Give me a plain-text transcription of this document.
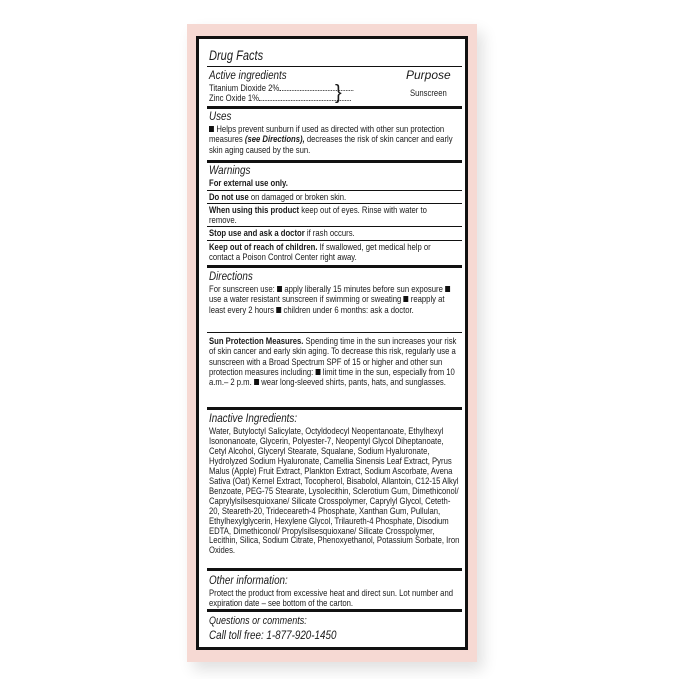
Drug Facts
Active ingredients	Purpose
Titanium Dioxide 2%
Zinc Oxide 1%	}	Sunscreen
Uses
Helps prevent sunburn if used as directed with other sun protection measures (see Directions), decreases the risk of skin cancer and early skin aging caused by the sun.
Warnings
For external use only.
Do not use on damaged or broken skin.
When using this product keep out of eyes. Rinse with water to remove.
Stop use and ask a doctor if rash occurs.
Keep out of reach of children. If swallowed, get medical help or contact a Poison Control Center right away.
Directions
For sunscreen use: apply liberally 15 minutes before sun exposure use a water resistant sunscreen if swimming or sweating reapply at least every 2 hours children under 6 months: ask a doctor.
Sun Protection Measures. Spending time in the sun increases your risk of skin cancer and early skin aging. To decrease this risk, regularly use a sunscreen with a Broad Spectrum SPF of 15 or higher and other sun protection measures including: limit time in the sun, especially from 10 a.m.– 2 p.m. wear long-sleeved shirts, pants, hats, and sunglasses.
Inactive Ingredients:
Water, Butyloctyl Salicylate, Octyldodecyl Neopentanoate, Ethylhexyl Isononanoate, Glycerin, Polyester-7, Neopentyl Glycol Diheptanoate, Cetyl Alcohol, Glyceryl Stearate, Squalane, Sodium Hyaluronate, Hydrolyzed Sodium Hyaluronate, Camellia Sinensis Leaf Extract, Pyrus Malus (Apple) Fruit Extract, Plankton Extract, Sodium Ascorbate, Avena Sativa (Oat) Kernel Extract, Tocopherol, Bisabolol, Allantoin, C12-15 Alkyl Benzoate, PEG-75 Stearate, Lysolecithin, Sclerotium Gum, Dimethiconol/ Caprylylsilsesquioxane/ Silicate Crosspolymer, Caprylyl Glycol, Ceteth-20, Steareth-20, Trideceareth-4 Phosphate, Xanthan Gum, Pullulan, Ethylhexylglycerin, Hexylene Glycol, Trilaureth-4 Phosphate, Disodium EDTA, Dimethiconol/ Propylsilsesquioxane/ Silicate Crosspolymer, Lecithin, Silica, Sodium Citrate, Phenoxyethanol, Potassium Sorbate, Iron Oxides.
Other information:
Protect the product from excessive heat and direct sun. Lot number and expiration date – see bottom of the carton.
Questions or comments:
Call toll free: 1-877-920-1450
